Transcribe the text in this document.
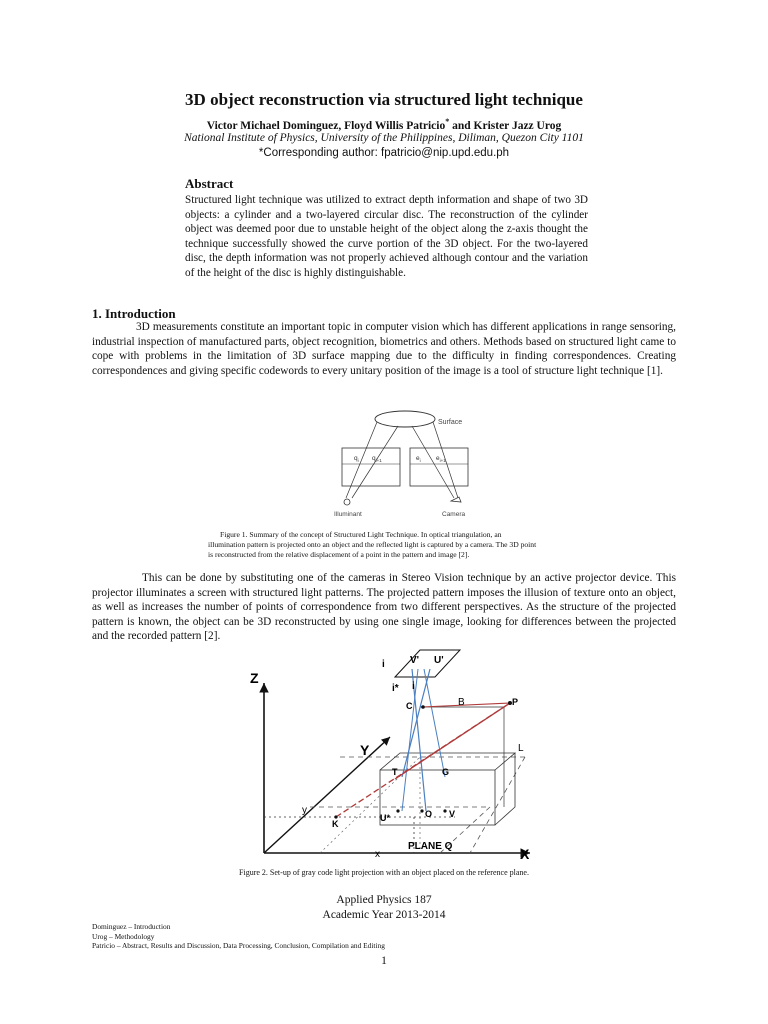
3D object reconstruction via structured light technique
Victor Michael Dominguez, Floyd Willis Patricio* and Krister Jazz Urog
National Institute of Physics, University of the Philippines, Diliman, Quezon City 1101
*Corresponding author: fpatricio@nip.upd.edu.ph
Abstract
Structured light technique was utilized to extract depth information and shape of two 3D objects: a cylinder and a two-layered circular disc. The reconstruction of the cylinder object was deemed poor due to unstable height of the object along the z-axis thought the technique successfully showed the curve portion of the 3D object. For the two-layered disc, the depth information was not properly achieved although contour and the variation of the height of the disc is highly distinguishable.
1. Introduction
3D measurements constitute an important topic in computer vision which has different applications in range sensoring, industrial inspection of manufactured parts, object recognition, biometrics and others. Methods based on structured light came to cope with problems in the limitation of 3D surface mapping due to the difficulty in finding correspondences. Creating correspondences and giving specific codewords to every unitary position of the image is a tool of structure light technique [1].
Surface
$q_i$ $q_{i+1}$	$e_i$ $e_{i+1}$
Illuminant	Camera
Figure 1. Summary of the concept of Structured Light Technique. In optical triangulation, an
illumination pattern is projected onto an object and the reflected light is captured by a camera. The 3D point
is reconstructed from the relative displacement of a point in the pattern and image [2].
This can be done by substituting one of the cameras in Stereo Vision technique by an active projector device. This projector illuminates a screen with structured light patterns. The projected pattern imposes the illusion of texture onto an object, as well as increases the number of points of correspondence from two different perspectives. As the structure of the projected pattern is known, the object can be 3D reconstructed by using one single image, looking for differences between the projected and the recorded pattern [2].
Z
Y
X
y
x
i
i* i
V' U'
C	B	P
L
T	G
K
U*	O V
PLANE Q
Figure 2. Set-up of gray code light projection with an object placed on the reference plane.
Applied Physics 187
Academic Year 2013-2014
Dominguez – Introduction
Urog – Methodology
Patricio – Abstract, Results and Discussion, Data Processing, Conclusion, Compilation and Editing
1
